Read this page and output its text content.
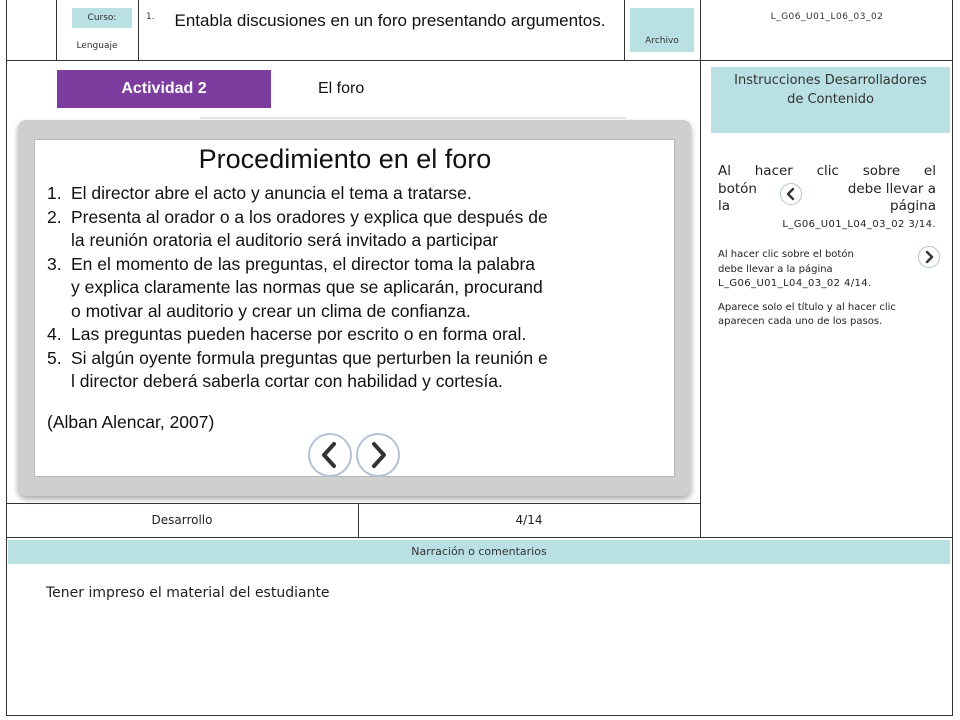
Curso:
Lenguaje
1. Entabla discusiones en un foro presentando argumentos.
Archivo
L_G06_U01_L06_03_02
Actividad 2	El foro
Procedimiento en el foro
1. El director abre el acto y anuncia el tema a tratarse.
2. Presenta al orador o a los oradores y explica que después de
la reunión oratoria el auditorio será invitado a participar
3. En el momento de las preguntas, el director toma la palabra
y explica claramente las normas que se aplicarán, procurand
o motivar al auditorio y crear un clima de confianza.
4. Las preguntas pueden hacerse por escrito o en forma oral.
5. Si algún oyente formula preguntas que perturben la reunión e
l director deberá saberla cortar con habilidad y cortesía.
(Alban Alencar, 2007)
Instrucciones Desarrolladores de Contenido
Al hacer clic sobre el
botón	debe llevar a
la	página
L_G06_U01_L04_03_02 3/14.
Al hacer clic sobre el botón
debe llevar a la página
L_G06_U01_L04_03_02 4/14.
Aparece solo el título y al hacer clic aparecen cada uno de los pasos.
Desarrollo	4/14
Narración o comentarios
Tener impreso el material del estudiante
